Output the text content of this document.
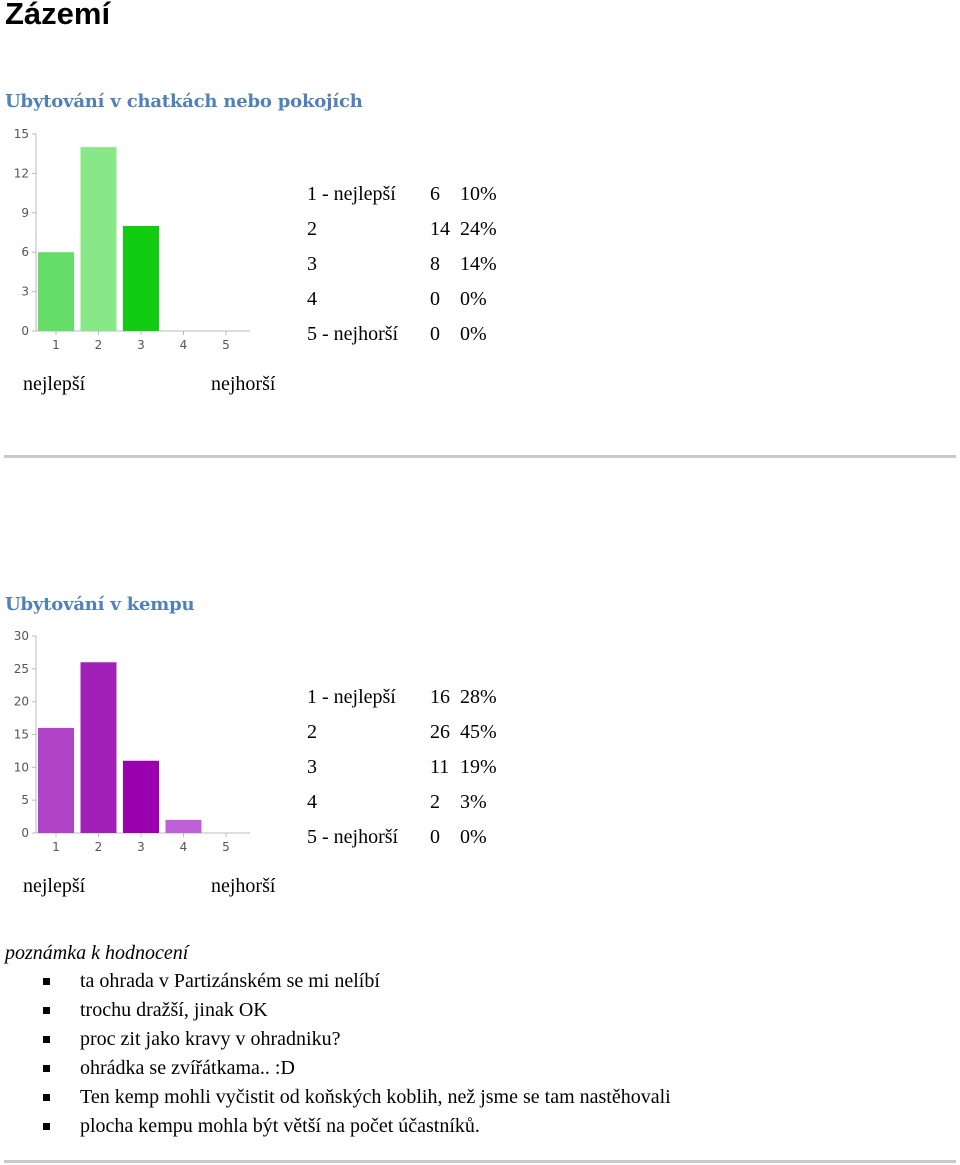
Zázemí
Ubytování v chatkách nebo pokojích
0
3
6
9
12
15
1	2	3	4	5
1 - nejlepší 6 10%
2	14 24%
3	8 14%
4	0 0%
5 - nejhorší 0 0%
nejlepší	nejhorší
Ubytování v kempu
0
5
10
15
20
25
30
1	2	3	4	5
1 - nejlepší 16 28%
2	26 45%
3	11 19%
4	2 3%
5 - nejhorší 0 0%
nejlepší	nejhorší
poznámka k hodnocení
ta ohrada v Partizánském se mi nelíbí
trochu dražší, jinak OK
proc zit jako kravy v ohradniku?
ohrádka se zvířátkama.. :D
Ten kemp mohli vyčistit od koňských koblih, než jsme se tam nastěhovali
plocha kempu mohla být větší na počet účastníků.
